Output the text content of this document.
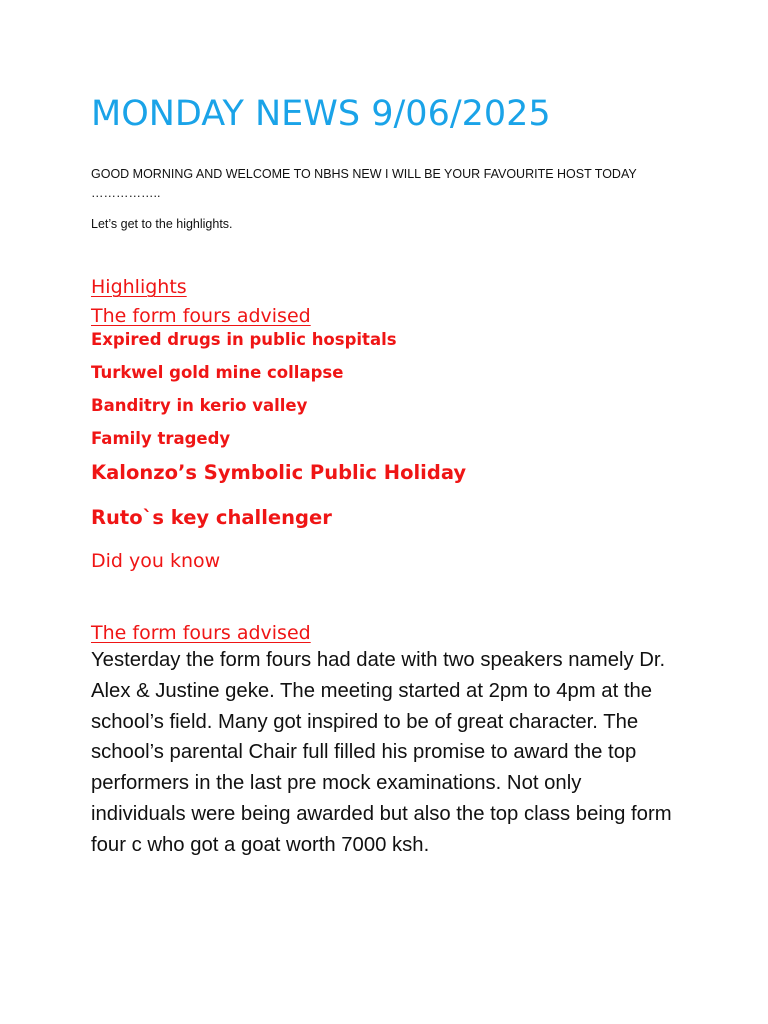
MONDAY NEWS 9/06/2025
GOOD MORNING AND WELCOME TO NBHS NEW I WILL BE YOUR FAVOURITE HOST TODAY ……………..
Let’s get to the highlights.
Highlights
The form fours advised
Expired drugs in public hospitals
Turkwel gold mine collapse
Banditry in kerio valley
Family tragedy
Kalonzo’s Symbolic Public Holiday
Ruto`s key challenger
Did you know
The form fours advised

Yesterday the form fours had date with two speakers namely Dr. Alex & Justine geke. The meeting started at 2pm to 4pm at the school’s field. Many got inspired to be of great character. The school’s parental Chair full filled his promise to award the top performers in the last pre mock examinations. Not only individuals were being awarded but also the top class being form four c who got a goat worth 7000 ksh.
